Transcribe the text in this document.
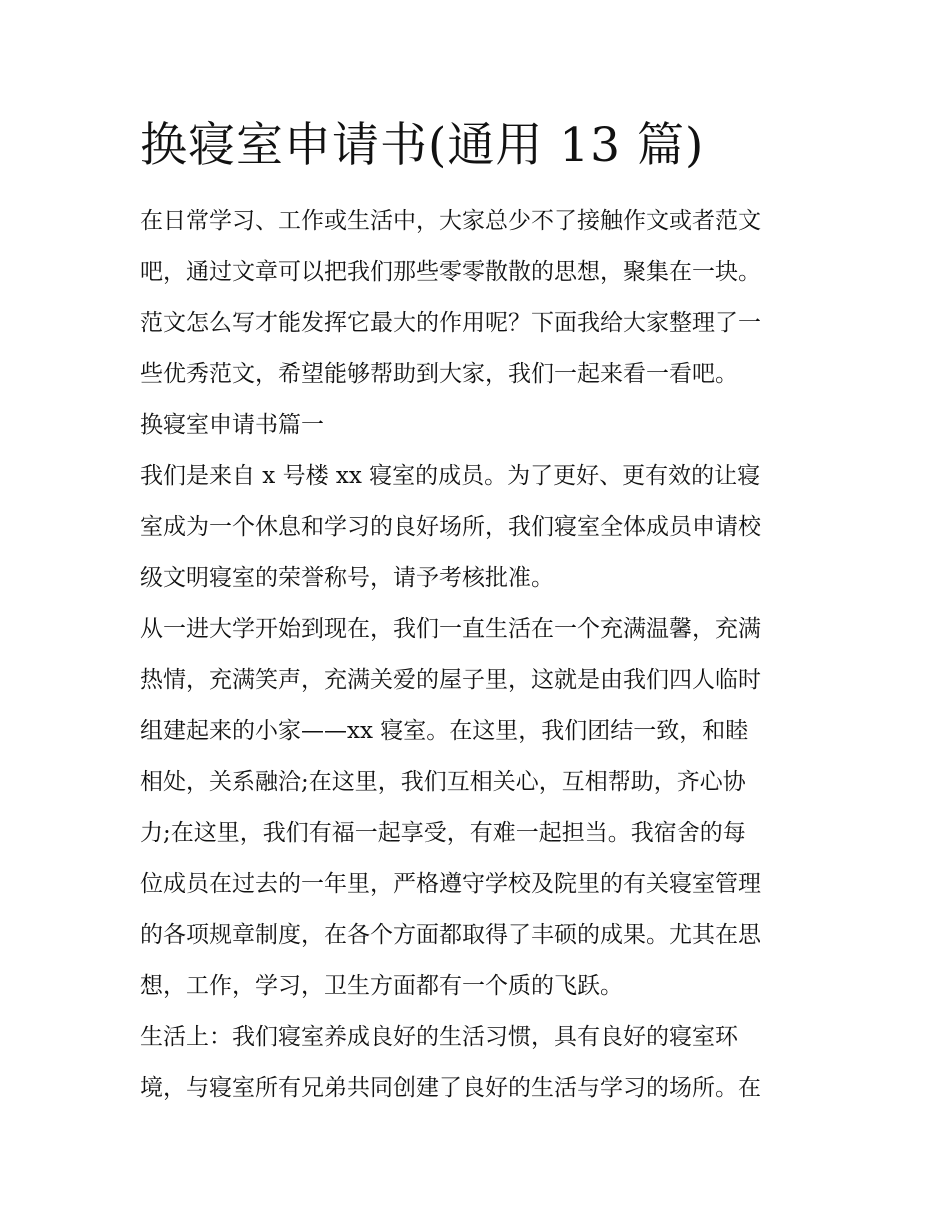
换寝室申请书(通用 13 篇)
在日常学习、工作或生活中，大家总少不了接触作文或者范文
吧，通过文章可以把我们那些零零散散的思想，聚集在一块。
范文怎么写才能发挥它最大的作用呢？下面我给大家整理了一
些优秀范文，希望能够帮助到大家，我们一起来看一看吧。
换寝室申请书篇一
我们是来自 x 号楼 xx 寝室的成员。为了更好、更有效的让寝
室成为一个休息和学习的良好场所，我们寝室全体成员申请校
级文明寝室的荣誉称号，请予考核批准。
从一进大学开始到现在，我们一直生活在一个充满温馨，充满
热情，充满笑声，充满关爱的屋子里，这就是由我们四人临时
组建起来的小家——xx 寝室。在这里，我们团结一致，和睦
相处，关系融洽;在这里，我们互相关心，互相帮助，齐心协
力;在这里，我们有福一起享受，有难一起担当。我宿舍的每
位成员在过去的一年里，严格遵守学校及院里的有关寝室管理
的各项规章制度，在各个方面都取得了丰硕的成果。尤其在思
想，工作，学习，卫生方面都有一个质的飞跃。
生活上：我们寝室养成良好的生活习惯，具有良好的寝室环
境，与寝室所有兄弟共同创建了良好的生活与学习的场所。在
